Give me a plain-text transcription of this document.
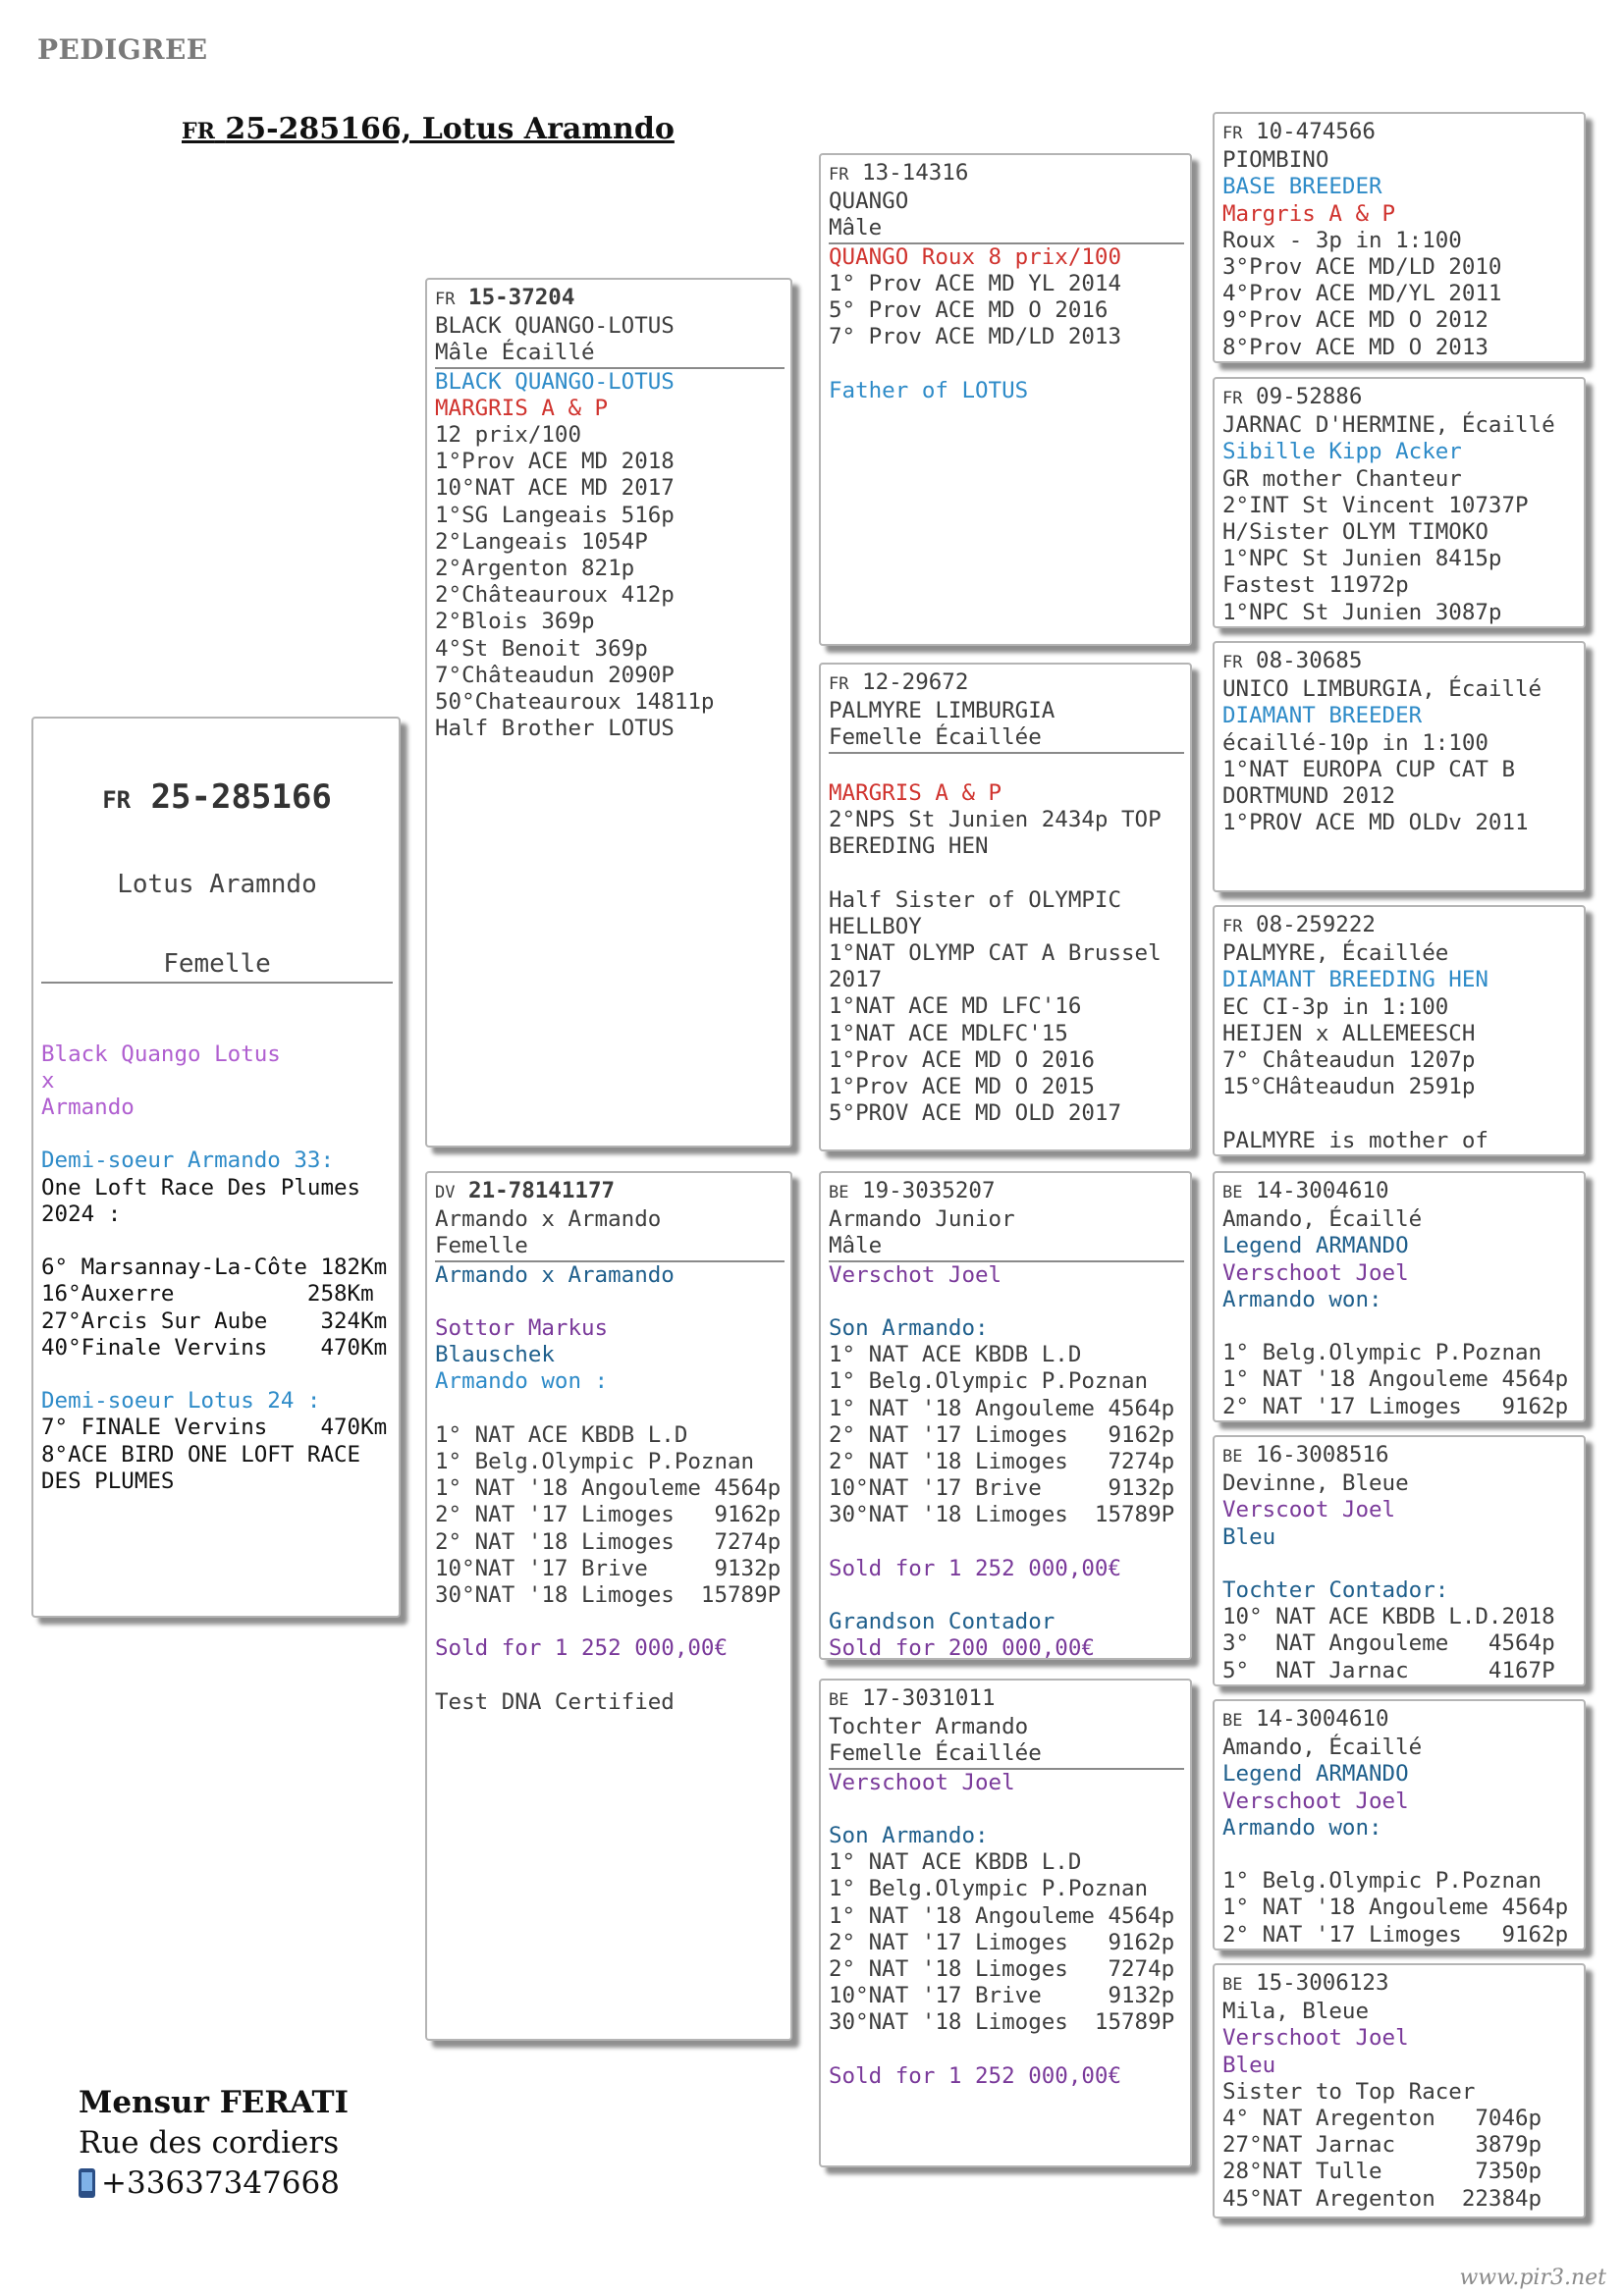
PEDIGREE
FR 25-285166, Lotus Aramndo

FR 25-285166

Lotus Aramndo

Femelle

Black Quango Lotus
x
Armando
Demi-soeur Armando 33:
One Loft Race Des Plumes
2024 :
6° Marsannay-La-Côte 182Km
16°Auxerre          258Km
27°Arcis Sur Aube    324Km
40°Finale Vervins    470Km
Demi-soeur Lotus 24 :
7° FINALE Vervins    470Km
8°ACE BIRD ONE LOFT RACE
DES PLUMES

FR 15-37204
BLACK QUANGO-LOTUS
Mâle Écaillé
BLACK QUANGO-LOTUS
MARGRIS A & P
12 prix/100
1°Prov ACE MD 2018
10°NAT ACE MD 2017
1°SG Langeais 516p
2°Langeais 1054P
2°Argenton 821p
2°Châteauroux 412p
2°Blois 369p
4°St Benoit 369p
7°Châteaudun 2090P
50°Chateauroux 14811p
Half Brother LOTUS
DV 21-78141177
Armando x Armando
Femelle
Armando x Aramando
Sottor Markus
Blauschek
Armando won :
1° NAT ACE KBDB L.D
1° Belg.Olympic P.Poznan
1° NAT '18 Angouleme 4564p
2° NAT '17 Limoges   9162p
2° NAT '18 Limoges   7274p
10°NAT '17 Brive     9132p
30°NAT '18 Limoges  15789P
Sold for 1 252 000,00€
Test DNA Certified
FR 13-14316
QUANGO
Mâle
QUANGO Roux 8 prix/100
1° Prov ACE MD YL 2014
5° Prov ACE MD O 2016
7° Prov ACE MD/LD 2013
Father of LOTUS
FR 12-29672
PALMYRE LIMBURGIA
Femelle Écaillée
MARGRIS A & P
2°NPS St Junien 2434p TOP
BEREDING HEN
Half Sister of OLYMPIC
HELLBOY
1°NAT OLYMP CAT A Brussel
2017
1°NAT ACE MD LFC'16
1°NAT ACE MDLFC'15
1°Prov ACE MD O 2016
1°Prov ACE MD O 2015
5°PROV ACE MD OLD 2017
BE 19-3035207
Armando Junior
Mâle
Verschot Joel
Son Armando:
1° NAT ACE KBDB L.D
1° Belg.Olympic P.Poznan
1° NAT '18 Angouleme 4564p
2° NAT '17 Limoges   9162p
2° NAT '18 Limoges   7274p
10°NAT '17 Brive     9132p
30°NAT '18 Limoges  15789P
Sold for 1 252 000,00€
Grandson Contador
Sold for 200 000,00€
BE 17-3031011
Tochter Armando
Femelle Écaillée
Verschoot Joel
Son Armando:
1° NAT ACE KBDB L.D
1° Belg.Olympic P.Poznan
1° NAT '18 Angouleme 4564p
2° NAT '17 Limoges   9162p
2° NAT '18 Limoges   7274p
10°NAT '17 Brive     9132p
30°NAT '18 Limoges  15789P
Sold for 1 252 000,00€
FR 10-474566
PIOMBINO
BASE BREEDER
Margris A & P
Roux - 3p in 1:100
3°Prov ACE MD/LD 2010
4°Prov ACE MD/YL 2011
9°Prov ACE MD O 2012
8°Prov ACE MD O 2013
FR 09-52886
JARNAC D'HERMINE, Écaillé
Sibille Kipp Acker
GR mother Chanteur
2°INT St Vincent 10737P
H/Sister OLYM TIMOKO
1°NPC St Junien 8415p
Fastest 11972p
1°NPC St Junien 3087p
FR 08-30685
UNICO LIMBURGIA, Écaillé
DIAMANT BREEDER
écaillé-10p in 1:100
1°NAT EUROPA CUP CAT B
DORTMUND 2012
1°PROV ACE MD OLDv 2011
FR 08-259222
PALMYRE, Écaillée
DIAMANT BREEDING HEN
EC CI-3p in 1:100
HEIJEN x ALLEMEESCH
7° Châteaudun 1207p
15°CHâteaudun 2591p
PALMYRE is mother of
BE 14-3004610
Amando, Écaillé
Legend ARMANDO
Verschoot Joel
Armando won:
1° Belg.Olympic P.Poznan
1° NAT '18 Angouleme 4564p
2° NAT '17 Limoges   9162p
BE 16-3008516
Devinne, Bleue
Verscoot Joel
Bleu
Tochter Contador:
10° NAT ACE KBDB L.D.2018
3°  NAT Angouleme   4564p
5°  NAT Jarnac      4167P
BE 14-3004610
Amando, Écaillé
Legend ARMANDO
Verschoot Joel
Armando won:
1° Belg.Olympic P.Poznan
1° NAT '18 Angouleme 4564p
2° NAT '17 Limoges   9162p
BE 15-3006123
Mila, Bleue
Verschoot Joel
Bleu
Sister to Top Racer
4° NAT Aregenton   7046p
27°NAT Jarnac      3879p
28°NAT Tulle       7350p
45°NAT Aregenton  22384p
Mensur FERATI
Rue des cordiers
+33637347668
www.pir3.net
